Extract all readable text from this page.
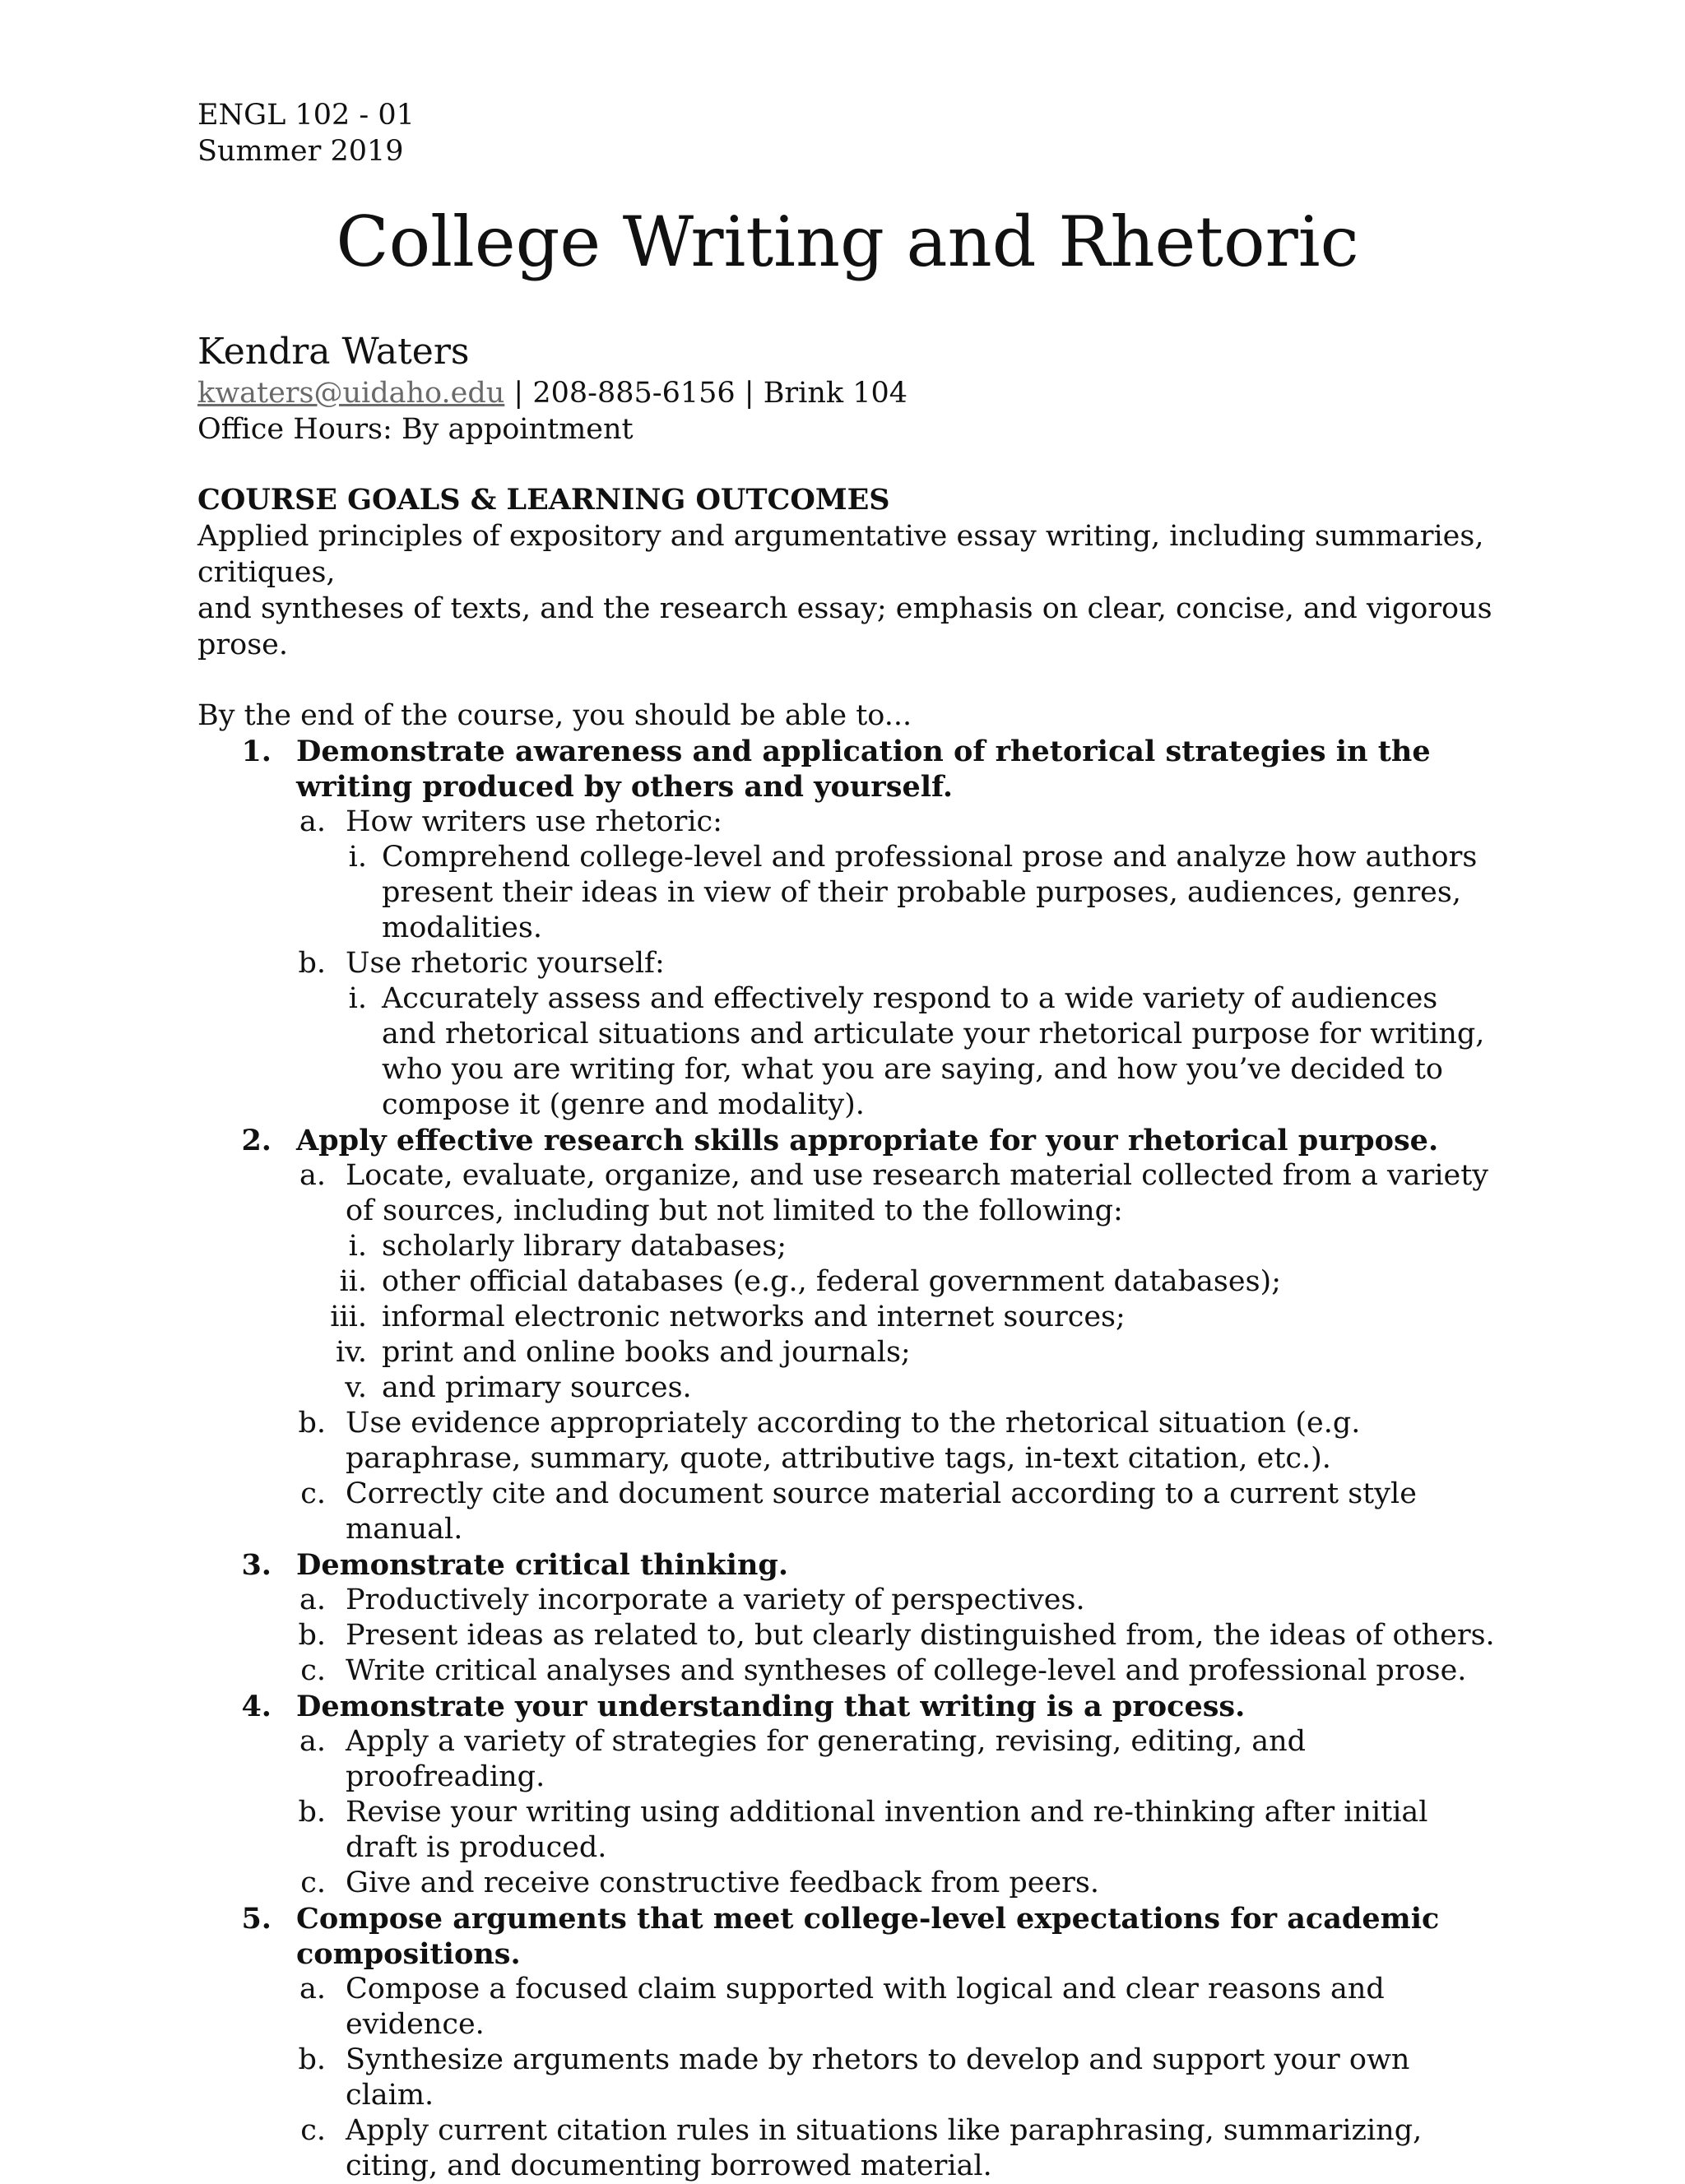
ENGL 102 - 01
Summer 2019
College Writing and Rhetoric
Kendra Waters
kwaters@uidaho.edu | 208-885-6156 | Brink 104
Office Hours: By appointment
COURSE GOALS & LEARNING OUTCOMES
Applied principles of expository and argumentative essay writing, including summaries, critiques,
and syntheses of texts, and the research essay; emphasis on clear, concise, and vigorous prose.
By the end of the course, you should be able to...
1. Demonstrate awareness and application of rhetorical strategies in the writing produced by others and yourself.
a. How writers use rhetoric:
i. Comprehend college-level and professional prose and analyze how authors present their ideas in view of their probable purposes, audiences, genres, modalities.
b. Use rhetoric yourself:
i. Accurately assess and effectively respond to a wide variety of audiences and rhetorical situations and articulate your rhetorical purpose for writing, who you are writing for, what you are saying, and how you’ve decided to compose it (genre and modality).
2. Apply effective research skills appropriate for your rhetorical purpose.
a. Locate, evaluate, organize, and use research material collected from a variety of sources, including but not limited to the following:
i. scholarly library databases;
ii. other official databases (e.g., federal government databases);
iii. informal electronic networks and internet sources;
iv. print and online books and journals;
v. and primary sources.
b. Use evidence appropriately according to the rhetorical situation (e.g. paraphrase, summary, quote, attributive tags, in-text citation, etc.).
c. Correctly cite and document source material according to a current style manual.
3. Demonstrate critical thinking.
a. Productively incorporate a variety of perspectives.
b. Present ideas as related to, but clearly distinguished from, the ideas of others.
c. Write critical analyses and syntheses of college-level and professional prose.
4. Demonstrate your understanding that writing is a process.
a. Apply a variety of strategies for generating, revising, editing, and proofreading.
b. Revise your writing using additional invention and re-thinking after initial draft is produced.
c. Give and receive constructive feedback from peers.
5. Compose arguments that meet college-level expectations for academic compositions.
a. Compose a focused claim supported with logical and clear reasons and evidence.
b. Synthesize arguments made by rhetors to develop and support your own claim.
c. Apply current citation rules in situations like paraphrasing, summarizing, citing, and documenting borrowed material.
